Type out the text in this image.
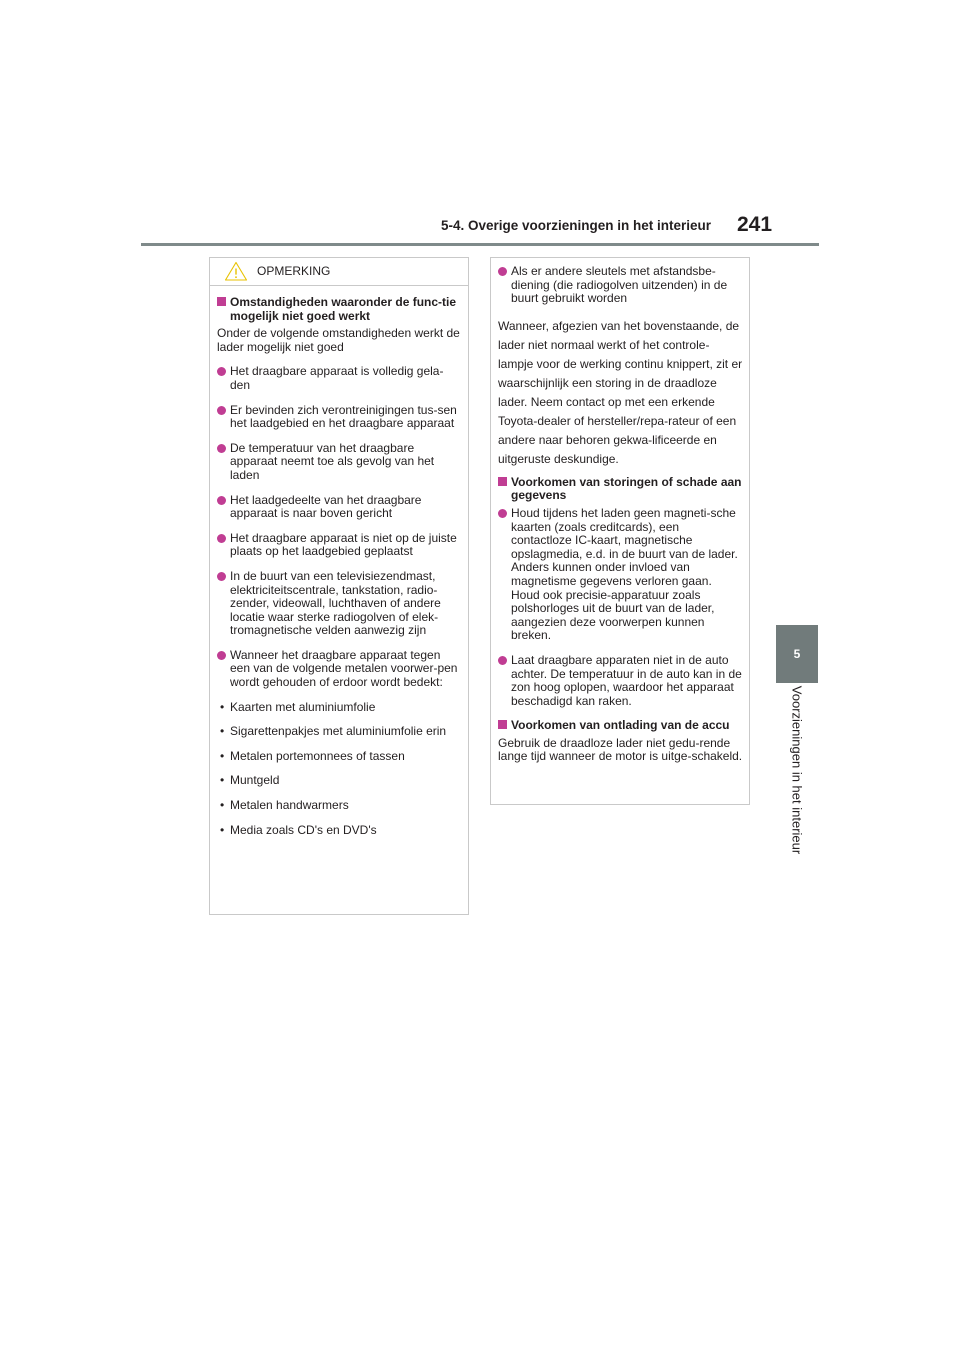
5-4. Overige voorzieningen in het interieur 241
5
Voorzieningen in het interieur
OPMERKING
Omstandigheden waaronder de func-tie mogelijk niet goed werkt
Onder de volgende omstandigheden werkt de lader mogelijk niet goed
Het draagbare apparaat is volledig gela-den
Er bevinden zich verontreinigingen tus-sen het laadgebied en het draagbare apparaat
De temperatuur van het draagbare apparaat neemt toe als gevolg van het laden
Het laadgedeelte van het draagbare apparaat is naar boven gericht
Het draagbare apparaat is niet op de juiste plaats op het laadgebied geplaatst
In de buurt van een televisiezendmast, elektriciteitscentrale, tankstation, radio-zender, videowall, luchthaven of andere locatie waar sterke radiogolven of elek-tromagnetische velden aanwezig zijn
Wanneer het draagbare apparaat tegen een van de volgende metalen voorwer-pen wordt gehouden of erdoor wordt bedekt:
• Kaarten met aluminiumfolie
• Sigarettenpakjes met aluminiumfolie erin
• Metalen portemonnees of tassen
• Muntgeld
• Metalen handwarmers
• Media zoals CD's en DVD's
Als er andere sleutels met afstandsbe-diening (die radiogolven uitzenden) in de buurt gebruikt worden
Wanneer, afgezien van het bovenstaande, de lader niet normaal werkt of het controle-lampje voor de werking continu knippert, zit er waarschijnlijk een storing in de draadloze lader. Neem contact op met een erkende Toyota-dealer of hersteller/repa-rateur of een andere naar behoren gekwa-lificeerde en uitgeruste deskundige.
Voorkomen van storingen of schade aan gegevens
Houd tijdens het laden geen magneti-sche kaarten (zoals creditcards), een contactloze IC-kaart, magnetische opslagmedia, e.d. in de buurt van de lader. Anders kunnen onder invloed van magnetisme gegevens verloren gaan. Houd ook precisie-apparatuur zoals polshorloges uit de buurt van de lader, aangezien deze voorwerpen kunnen breken.
Laat draagbare apparaten niet in de auto achter. De temperatuur in de auto kan in de zon hoog oplopen, waardoor het apparaat beschadigd kan raken.
Voorkomen van ontlading van de accu
Gebruik de draadloze lader niet gedu-rende lange tijd wanneer de motor is uitge-schakeld.
